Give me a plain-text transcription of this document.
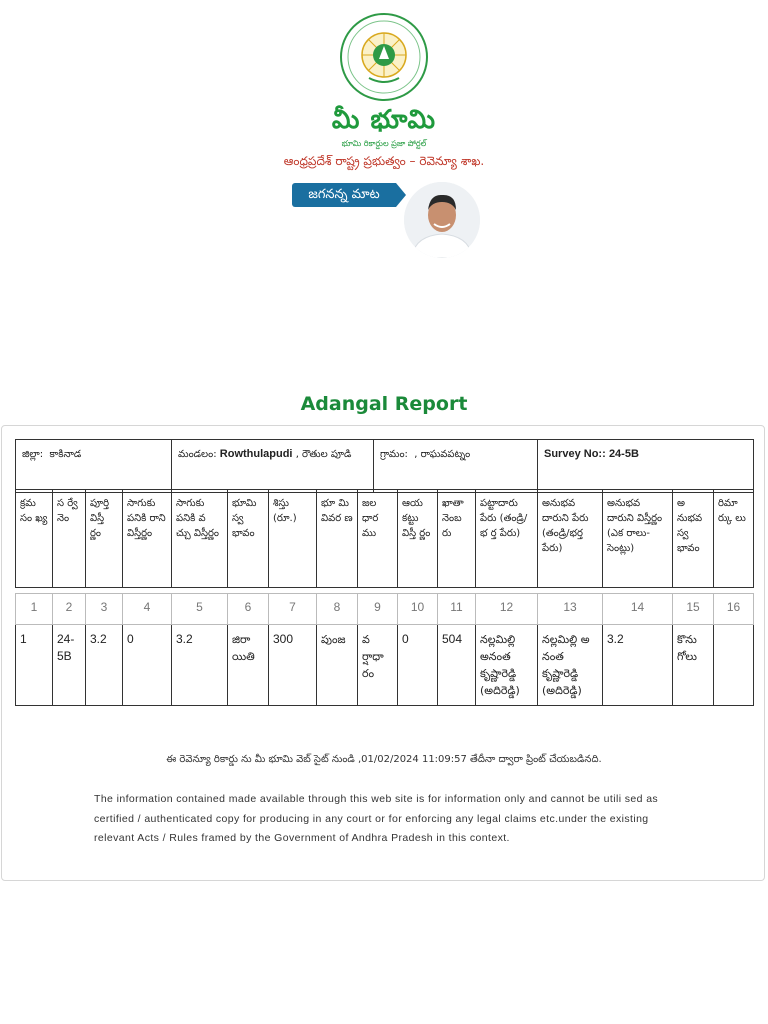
మీ భూమి
భూమి రికార్డుల ప్రజా పోర్టల్
ఆంధ్రప్రదేశ్ రాష్ట్ర ప్రభుత్వం – రెవెన్యూ శాఖ.
జగనన్న మాట
Adangal Report
జిల్లా: కాకినాడ	మండలం: Rowthulapudi , రౌతుల పూడి	గ్రామం: , రాఘవపట్నం	Survey No:: 24-5B
క్రమ సం ఖ్య	స ర్వే నెం	పూర్తి విస్తీ ర్ణం	సాగుకు పనికి రాని విస్తీర్ణం	సాగుకు పనికి వ చ్చు విస్తీర్ణం	భూమి స్వ భావం	శిస్తు (రూ.)	భూ మి వివర ణ	జల ధార ము	ఆయ కట్టు విస్తీ ర్ణం	ఖాతా నెంబ రు	పట్టాదారు పేరు (తండ్రి/భ ర్త పేరు)	అనుభవ దారుని పేరు (తండ్రి/భర్త పేరు)	అనుభవ దారుని విస్తీర్ణం (ఎక రాలు- సెంట్లు)	అ నుభవ స్వ భావం	రిమా ర్కు లు
1	2	3	4	5	6	7	8	9	10	11	12	13	14	15	16
1	24-5B	3.2	0	3.2	జిరా యితి	300	పుంజ	వ ర్షాధా రం	0	504	నల్లమిల్లి అనంత కృష్ణారెడ్డి (అదిరెడ్డి)	నల్లమిల్లి అ నంత కృష్ణారెడ్డి (అదిరెడ్డి)	3.2	కొను గోలు	
ఈ రెవెన్యూ రికార్డు ను మీ భూమి వెబ్ సైట్ నుండి ,01/02/2024 11:09:57 తేదీనా ద్వారా ప్రింట్ చేయబడినది.
The information contained made available through this web site is for information only and cannot be utili sed as certified / authenticated copy for producing in any court or for enforcing any legal claims etc.under the existing relevant Acts / Rules framed by the Government of Andhra Pradesh in this context.
